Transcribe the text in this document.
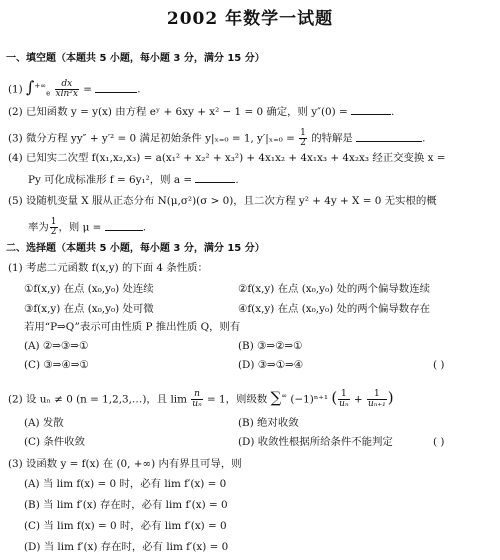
2002 年数学一试题
一、填空题（本题共 5 小题，每小题 3 分，满分 15 分）
(1) $\int^{+\infty}_e \frac{dx}{\text{xln²x}}$ =	.
(2) 已知函数 y = y(x) 由方程 eʸ + 6xy + x² − 1 = 0 确定，则 y″(0) =	.
(3) 微分方程 yy″ + y′² = 0 满足初始条件 y|ₓ₌₀ = 1, $y'|_{x=0} = \frac{1}{2}$ 的特解是	.
(4) 已知实二次型 f(x₁,x₂,x₃) = a(x₁² + x₂² + x₃²) + 4x₁x₂ + 4x₁x₃ + 4x₂x₃ 经正交变换 x =
Py 可化成标准形 f = 6y₁²，则 a =	.
(5) 设随机变量 X 服从正态分布 N(μ,σ²)(σ > 0)，且二次方程 y² + 4y + X = 0 无实根的概
率为 $\frac{1}{2}$ ，则 μ =	.
二、选择题（本题共 5 小题，每小题 3 分，满分 15 分）
(1) 考虑二元函数 f(x,y) 的下面 4 条性质：
①f(x,y) 在点 (x₀,y₀) 处连续	②f(x,y) 在点 (x₀,y₀) 处的两个偏导数连续
③f(x,y) 在点 (x₀,y₀) 处可微	④f(x,y) 在点 (x₀,y₀) 处的两个偏导数存在
若用“P⇒Q”表示可由性质 P 推出性质 Q，则有
(A) ②⇒③⇒①	(B) ③⇒②⇒①
(C) ③⇒④⇒①	(D) ③⇒①⇒④	( )
(2) 设 uₙ ≠ 0 (n = 1,2,3,…)，且 $\lim \frac{n}{\text{uₙ}} = 1$，则级数 ∑∞ (−1)ⁿ⁺¹ ( $\frac{1}{\text{uₙ}} + \frac{1}{\text{uₙ₊₁}}$ )
(A) 发散	(B) 绝对收敛
(C) 条件收敛	(D) 收敛性根据所给条件不能判定	( )
(3) 设函数 y = f(x) 在 (0, +∞) 内有界且可导，则
(A) 当 lim f(x) = 0 时，必有 lim f′(x) = 0
(B) 当 lim f′(x) 存在时，必有 lim f′(x) = 0
(C) 当 lim f(x) = 0 时，必有 lim f′(x) = 0
(D) 当 lim f′(x) 存在时，必有 lim f′(x) = 0
